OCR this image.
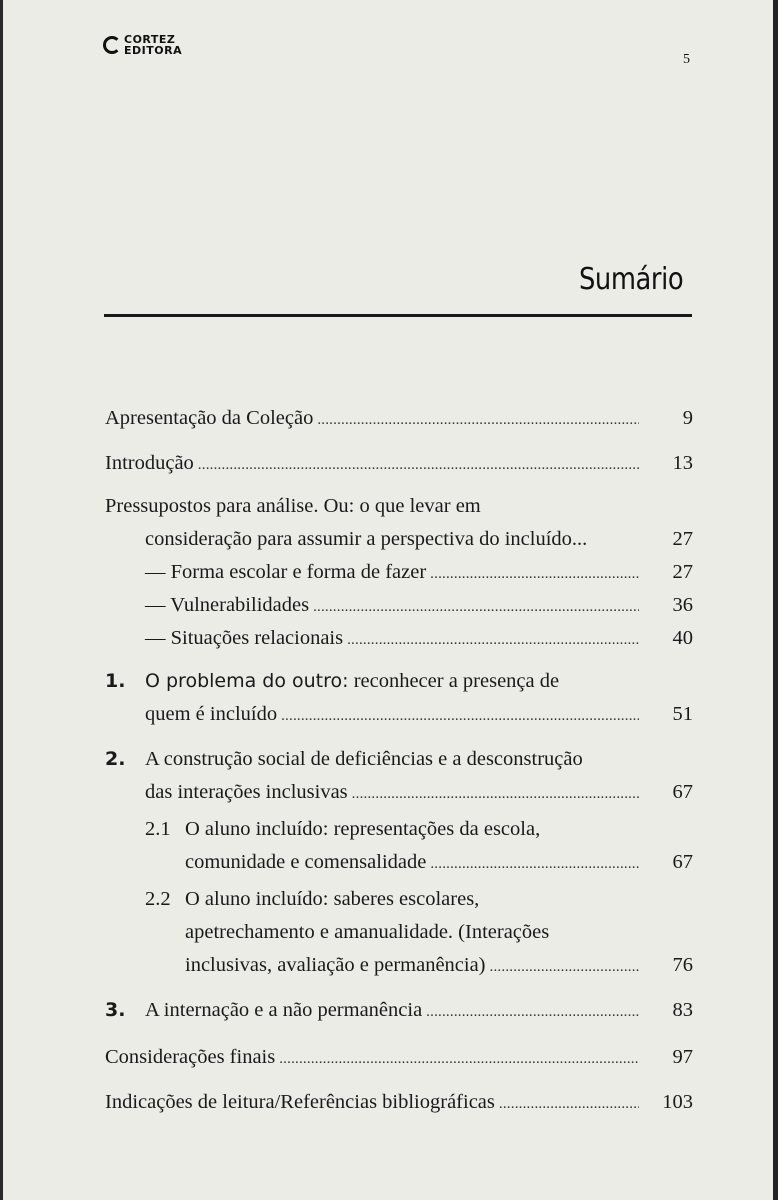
CORTEZ
EDITORA
5
Sumário
Apresentação da Coleção .....	9
Introdução .....	13
Pressupostos para análise. Ou: o que levar em
consideração para assumir a perspectiva do incluído...	27
— Forma escolar e forma de fazer .....	27
— Vulnerabilidades .....	36
— Situações relacionais .....	40
1. O problema do outro: reconhecer a presença de
quem é incluído .....	51
2. A construção social de deficiências e a desconstrução
das interações inclusivas .....	67
2.1 O aluno incluído: representações da escola,
comunidade e comensalidade .....	67
2.2 O aluno incluído: saberes escolares,
apetrechamento e amanualidade. (Interações
inclusivas, avaliação e permanência) .....	76
3. A internação e a não permanência .....	83
Considerações finais .....	97
Indicações de leitura/Referências bibliográficas .....	103
